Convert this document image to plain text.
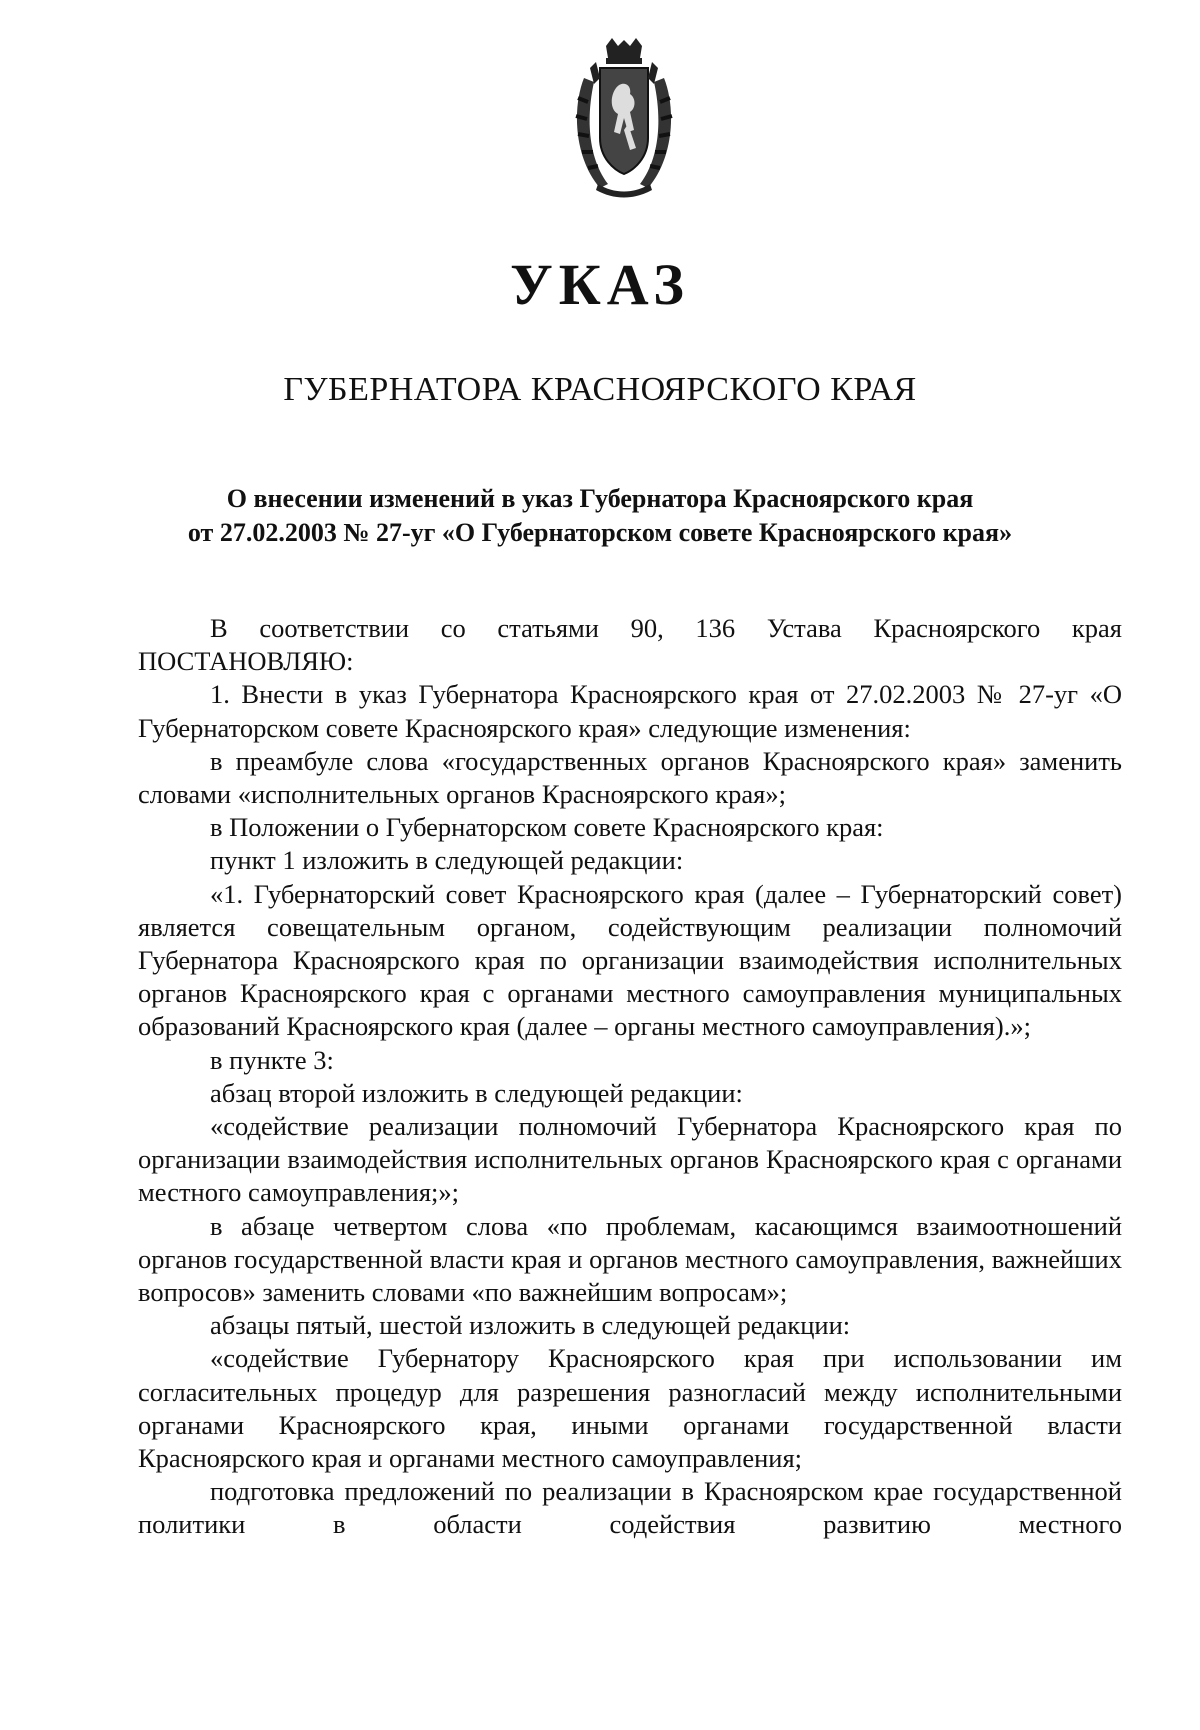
УКАЗ
ГУБЕРНАТОРА КРАСНОЯРСКОГО КРАЯ
О внесении изменений в указ Губернатора Красноярского края
от 27.02.2003 № 27-уг «О Губернаторском совете Красноярского края»

В соответствии со статьями 90, 136 Устава Красноярского края

ПОСТАНОВЛЯЮ:

1. Внести в указ Губернатора Красноярского края от 27.02.2003 № 27-уг «О Губернаторском совете Красноярского края» следующие изменения:

в преамбуле слова «государственных органов Красноярского края» заменить словами «исполнительных органов Красноярского края»;

в Положении о Губернаторском совете Красноярского края:

пункт 1 изложить в следующей редакции:

«1. Губернаторский совет Красноярского края (далее – Губернаторский совет) является совещательным органом, содействующим реализации полномочий Губернатора Красноярского края по организации взаимодействия исполнительных органов Красноярского края с органами местного самоуправления муниципальных образований Красноярского края (далее – органы местного самоуправления).»;

в пункте 3:

абзац второй изложить в следующей редакции:

«содействие реализации полномочий Губернатора Красноярского края по организации взаимодействия исполнительных органов Красноярского края с органами местного самоуправления;»;

в абзаце четвертом слова «по проблемам, касающимся взаимоотношений органов государственной власти края и органов местного самоуправления, важнейших вопросов» заменить словами «по важнейшим вопросам»;

абзацы пятый, шестой изложить в следующей редакции:

«содействие Губернатору Красноярского края при использовании им согласительных процедур для разрешения разногласий между исполнительными органами Красноярского края, иными органами государственной власти Красноярского края и органами местного самоуправления;

подготовка предложений по реализации в Красноярском крае государственной политики в области содействия развитию местного
